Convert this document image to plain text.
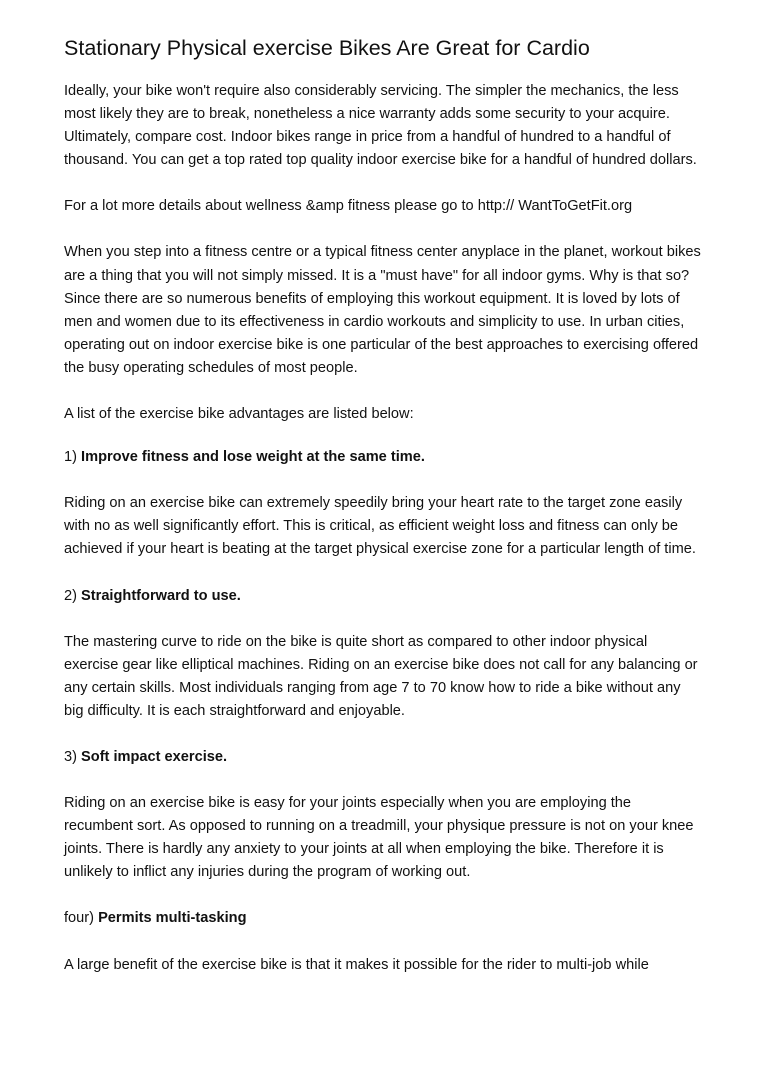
Stationary Physical exercise Bikes Are Great for Cardio

Ideally, your bike won't require also considerably servicing. The simpler the mechanics, the less most likely they are to break, nonetheless a nice warranty adds some security to your acquire. Ultimately, compare cost. Indoor bikes range in price from a handful of hundred to a handful of thousand. You can get a top rated top quality indoor exercise bike for a handful of hundred dollars.

For a lot more details about wellness &amp fitness please go to http:// WantToGetFit.org

When you step into a fitness centre or a typical fitness center anyplace in the planet, workout bikes are a thing that you will not simply missed. It is a "must have" for all indoor gyms. Why is that so? Since there are so numerous benefits of employing this workout equipment. It is loved by lots of men and women due to its effectiveness in cardio workouts and simplicity to use. In urban cities, operating out on indoor exercise bike is one particular of the best approaches to exercising offered the busy operating schedules of most people.

A list of the exercise bike advantages are listed below:

1) Improve fitness and lose weight at the same time.

Riding on an exercise bike can extremely speedily bring your heart rate to the target zone easily with no as well significantly effort. This is critical, as efficient weight loss and fitness can only be achieved if your heart is beating at the target physical exercise zone for a particular length of time.

2) Straightforward to use.

The mastering curve to ride on the bike is quite short as compared to other indoor physical exercise gear like elliptical machines. Riding on an exercise bike does not call for any balancing or any certain skills. Most individuals ranging from age 7 to 70 know how to ride a bike without any big difficulty. It is each straightforward and enjoyable.

3) Soft impact exercise.

Riding on an exercise bike is easy for your joints especially when you are employing the recumbent sort. As opposed to running on a treadmill, your physique pressure is not on your knee joints. There is hardly any anxiety to your joints at all when employing the bike. Therefore it is unlikely to inflict any injuries during the program of working out.

four) Permits multi-tasking

A large benefit of the exercise bike is that it makes it possible for the rider to multi-job while
